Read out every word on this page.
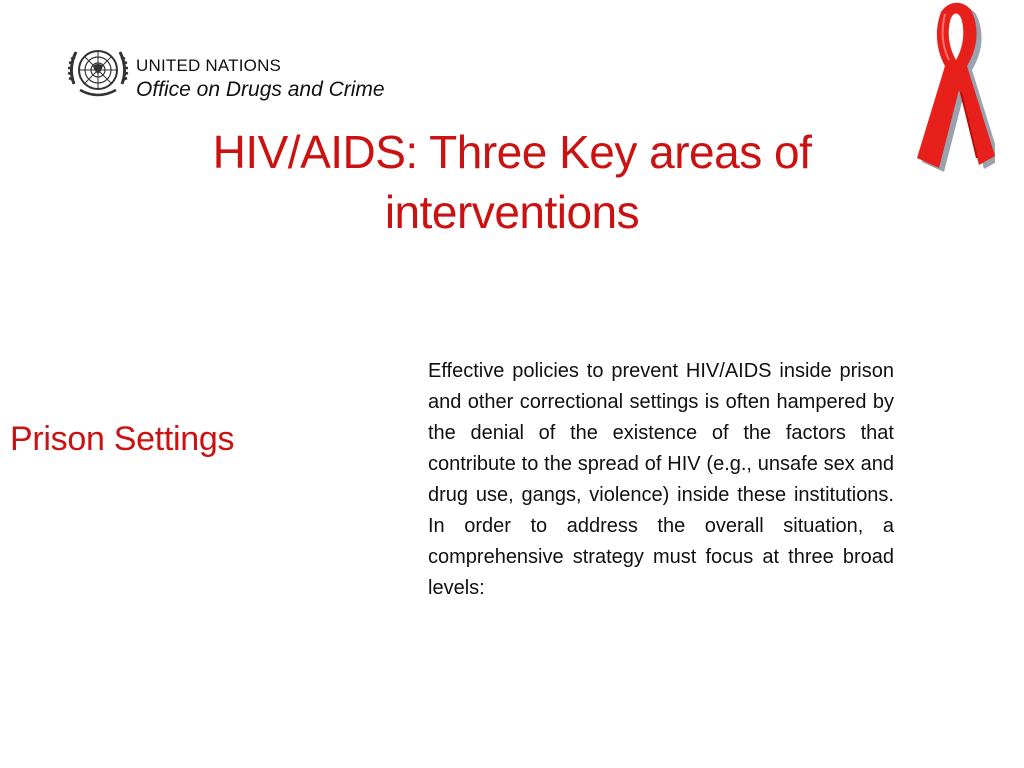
UNITED NATIONS
Office on Drugs and Crime
HIV/AIDS: Three Key areas of
interventions
Prison Settings
Effective policies to prevent HIV/AIDS inside prison and other correctional settings is often hampered by the denial of the existence of the factors that contribute to the spread of HIV (e.g., unsafe sex and drug use, gangs, violence) inside these institutions. In order to address the overall situation, a comprehensive strategy must focus at three broad levels:
